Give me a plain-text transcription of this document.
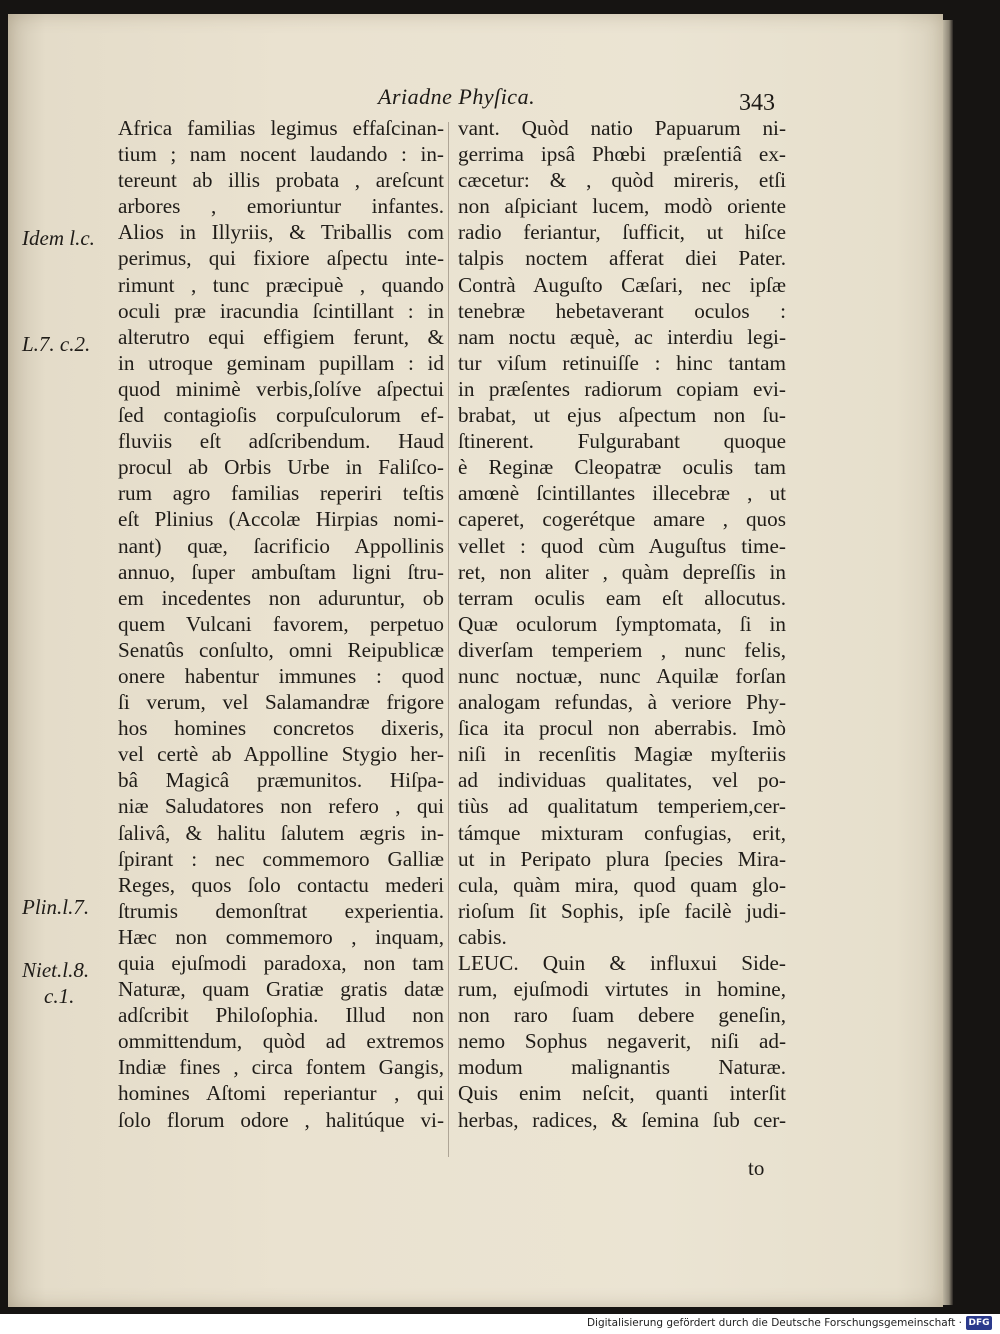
Ariadne Phyſica.	343
Idem l.c.
L.7. c.2.
Plin.l.7.
Niet.l.8.
c.1.
Africa familias legimus effaſcinan-
tium ; nam nocent laudando : in-
tereunt ab illis probata , areſcunt
arbores , emoriuntur infantes.
Alios in Illyriis, & Triballis com
perimus, qui fixiore aſpectu inte-
rimunt , tunc præcipuè , quando
oculi præ iracundia ſcintillant : in
alterutro equi effigiem ferunt, &
in utroque geminam pupillam : id
quod minimè verbis,ſolíve aſpectui
ſed contagioſis corpuſculorum ef-
fluviis eſt adſcribendum. Haud
procul ab Orbis Urbe in Faliſco-
rum agro familias reperiri teſtis
eſt Plinius (Accolæ Hirpias nomi-
nant) quæ, ſacrificio Appollinis
annuo, ſuper ambuſtam ligni ſtru-
em incedentes non aduruntur, ob
quem Vulcani favorem, perpetuo
Senatûs conſulto, omni Reipublicæ
onere habentur immunes : quod
ſi verum, vel Salamandræ frigore
hos homines concretos dixeris,
vel certè ab Appolline Stygio her-
bâ Magicâ præmunitos. Hiſpa-
niæ Saludatores non refero , qui
ſalivâ, & halitu ſalutem ægris in-
ſpirant : nec commemoro Galliæ
Reges, quos ſolo contactu mederi
ſtrumis demonſtrat experientia.
Hæc non commemoro , inquam,
quia ejuſmodi paradoxa, non tam
Naturæ, quam Gratiæ gratis datæ
adſcribit Philoſophia. Illud non
ommittendum, quòd ad extremos
Indiæ fines , circa fontem Gangis,
homines Aſtomi reperiantur , qui
ſolo florum odore , halitúque vi-
vant. Quòd natio Papuarum ni-
gerrima ipsâ Phœbi præſentiâ ex-
cæcetur: & , quòd mireris, etſi
non aſpiciant lucem, modò oriente
radio feriantur, ſufficit, ut hiſce
talpis noctem afferat diei Pater.
Contrà Auguſto Cæſari, nec ipſæ
tenebræ hebetaverant oculos :
nam noctu æquè, ac interdiu legi-
tur viſum retinuiſſe : hinc tantam
in præſentes radiorum copiam evi-
brabat, ut ejus aſpectum non ſu-
ſtinerent. Fulgurabant quoque
è Reginæ Cleopatræ oculis tam
amœnè ſcintillantes illecebræ , ut
caperet, cogerétque amare , quos
vellet : quod cùm Auguſtus time-
ret, non aliter , quàm depreſſis in
terram oculis eam eſt allocutus.
Quæ oculorum ſymptomata, ſi in
diverſam temperiem , nunc felis,
nunc noctuæ, nunc Aquilæ forſan
analogam refundas, à veriore Phy-
ſica ita procul non aberrabis. Imò
niſi in recenſitis Magiæ myſteriis
ad individuas qualitates, vel po-
tiùs ad qualitatum temperiem,cer-
támque mixturam confugias, erit,
ut in Peripato plura ſpecies Mira-
cula, quàm mira, quod quam glo-
rioſum ſit Sophis, ipſe facilè judi-
cabis.
LEUC. Quin & influxui Side-
rum, ejuſmodi virtutes in homine,
non raro ſuam debere geneſin,
nemo Sophus negaverit, niſi ad-
modum malignantis Naturæ.
Quis enim neſcit, quanti interſit
herbas, radices, & ſemina ſub cer-
to
Digitalisierung gefördert durch die Deutsche Forschungsgemeinschaft · DFG
